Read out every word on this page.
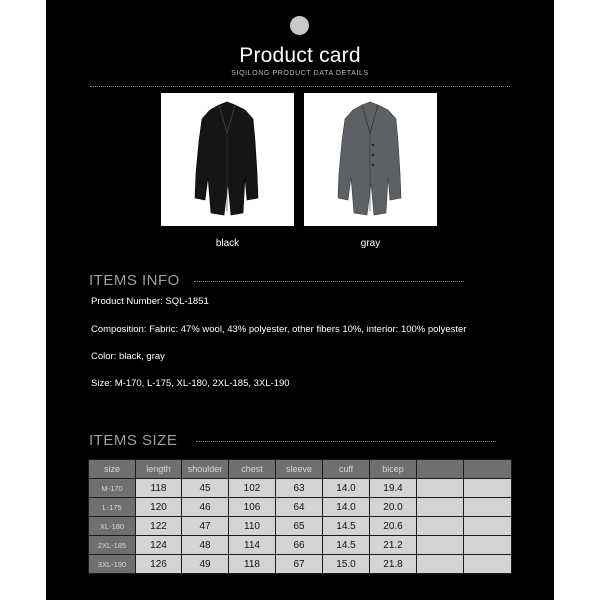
Product card
SIQILONG PRODUCT DATA DETAILS
black	gray
ITEMS INFO
Product Number: SQL-1851
Composition: Fabric: 47% wool, 43% polyester, other fibers 10%, interior: 100% polyester
Color: black, gray
Size: M-170, L-175, XL-180, 2XL-185, 3XL-190
ITEMS SIZE
size	length	shoulder	chest	sleeve	cuff	bicep		
M-170	118	45	102	63	14.0	19.4		
L-175	120	46	106	64	14.0	20.0		
XL-180	122	47	110	65	14.5	20.6		
2XL-185	124	48	114	66	14.5	21.2		
3XL-190	126	49	118	67	15.0	21.8		
